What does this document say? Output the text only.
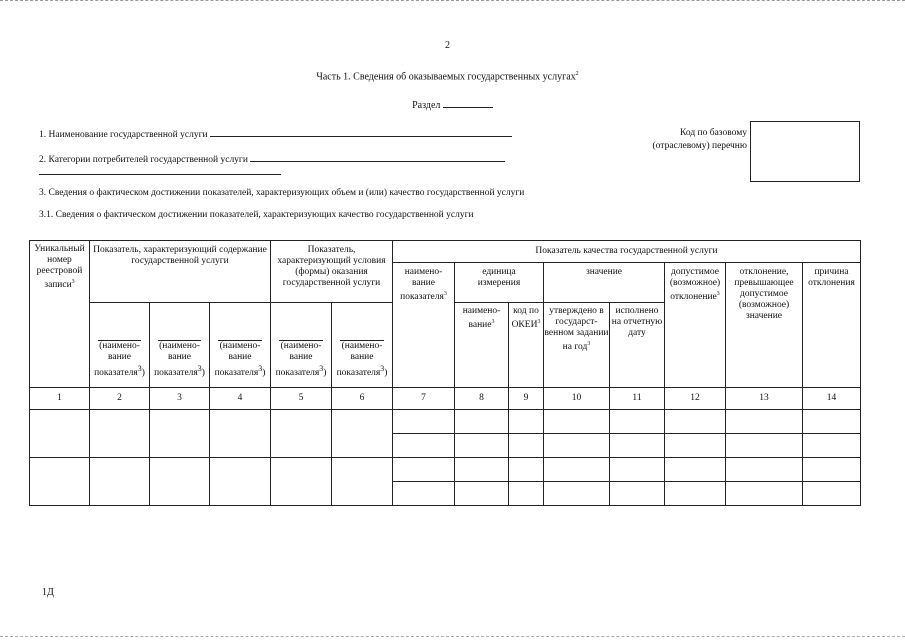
2
Часть 1. Сведения об оказываемых государственных услугах$^2$
Раздел
1. Наименование государственной услуги
2. Категории потребителей государственной услуги
Код по базовому
(отраслевому) перечню
3. Сведения о фактическом достижении показателей, характеризующих объем и (или) качество государственной услуги
3.1. Сведения о фактическом достижении показателей, характеризующих качество государственной услуги
Уникальный номер реестровой записи$^3$	Показатель, характеризующий содержание государственной услуги			Показатель, характеризующий условия (формы) оказания государственной услуги		Показатель качества государственной услуги							

						наимено- вание показателя$^3$	единица измерения		значение		допустимое (возможное) отклонение$^3$	отклонение, превышающее допустимое (возможное) значение	причина отклонения

	(наимено- вание показателя$^3$)	(наимено- вание показателя$^3$)	(наимено- вание показателя$^3$)	(наимено- вание показателя$^3$)	(наимено- вание показателя$^3$)		наимено- вание$^3$	код по ОКЕИ$^3$	утверждено в государст- венном задании на год$^3$	исполнено на отчетную дату			

1	2	3	4	5	6	7	8	9	10	11	12	13	14

1Д
